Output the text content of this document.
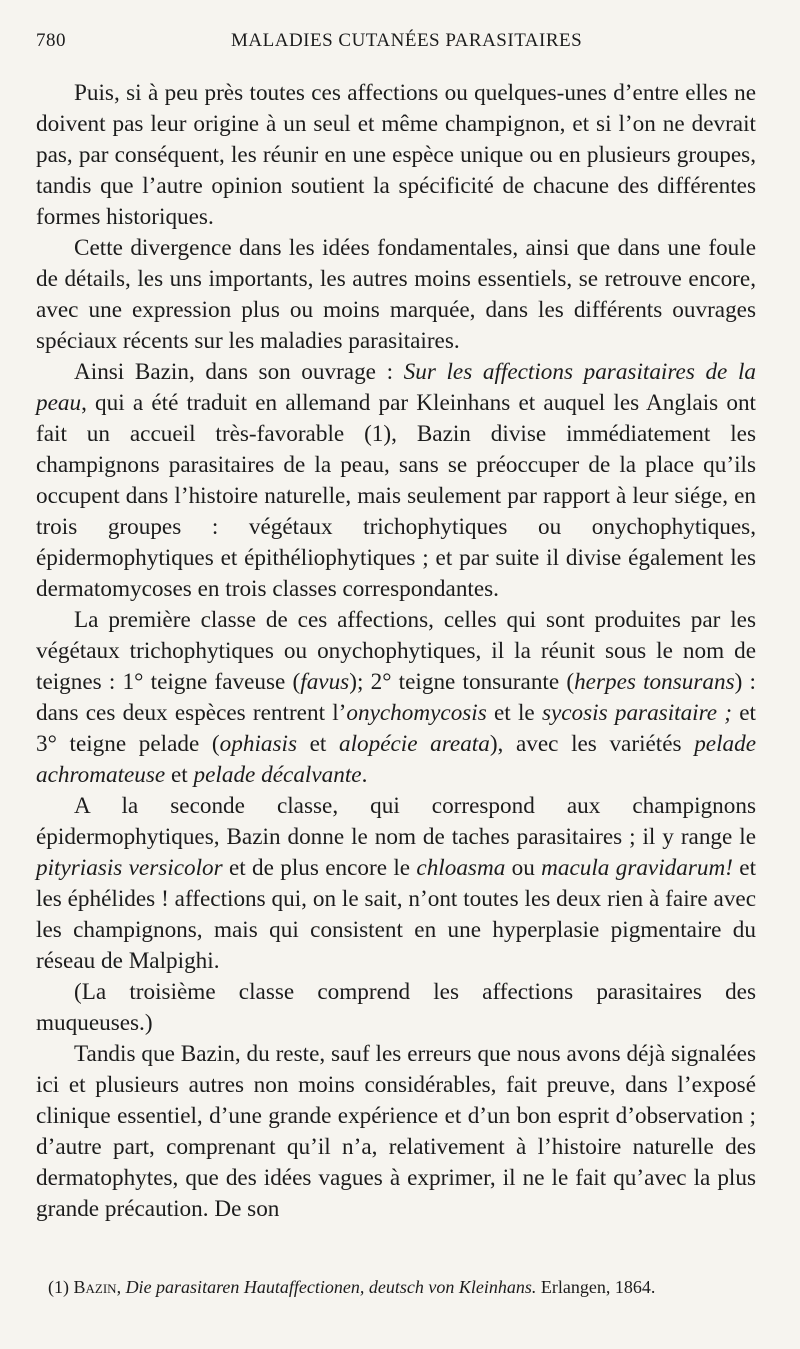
780	MALADIES CUTANÉES PARASITAIRES

Puis, si à peu près toutes ces affections ou quelques-unes d’entre elles ne doivent pas leur origine à un seul et même champignon, et si l’on ne devrait pas, par conséquent, les réunir en une espèce unique ou en plusieurs groupes, tandis que l’autre opinion soutient la spécificité de chacune des différentes formes historiques.

Cette divergence dans les idées fondamentales, ainsi que dans une foule de détails, les uns importants, les autres moins essentiels, se retrouve encore, avec une expression plus ou moins marquée, dans les différents ouvrages spéciaux récents sur les maladies parasitaires.

Ainsi Bazin, dans son ouvrage : Sur les affections parasitaires de la peau, qui a été traduit en allemand par Kleinhans et auquel les Anglais ont fait un accueil très-favorable (1), Bazin divise immédiatement les champignons parasitaires de la peau, sans se préoccuper de la place qu’ils occupent dans l’histoire naturelle, mais seulement par rapport à leur siége, en trois groupes : végétaux trichophytiques ou onychophytiques, épidermophytiques et épithéliophytiques ; et par suite il divise également les dermatomycoses en trois classes correspondantes.

La première classe de ces affections, celles qui sont produites par les végétaux trichophytiques ou onychophytiques, il la réunit sous le nom de teignes : 1° teigne faveuse (favus); 2° teigne tonsurante (herpes tonsurans) : dans ces deux espèces rentrent l’onychomycosis et le sycosis parasitaire ; et 3° teigne pelade (ophiasis et alopécie areata), avec les variétés pelade achromateuse et pelade décalvante.

A la seconde classe, qui correspond aux champignons épidermophytiques, Bazin donne le nom de taches parasitaires ; il y range le pityriasis versicolor et de plus encore le chloasma ou macula gravidarum! et les éphélides ! affections qui, on le sait, n’ont toutes les deux rien à faire avec les champignons, mais qui consistent en une hyperplasie pigmentaire du réseau de Malpighi.

(La troisième classe comprend les affections parasitaires des muqueuses.)

Tandis que Bazin, du reste, sauf les erreurs que nous avons déjà signalées ici et plusieurs autres non moins considérables, fait preuve, dans l’exposé clinique essentiel, d’une grande expérience et d’un bon esprit d’observation ; d’autre part, comprenant qu’il n’a, relativement à l’histoire naturelle des dermatophytes, que des idées vagues à exprimer, il ne le fait qu’avec la plus grande précaution. De son

(1) Bazin, Die parasitaren Hautaffectionen, deutsch von Kleinhans. Erlangen, 1864.
